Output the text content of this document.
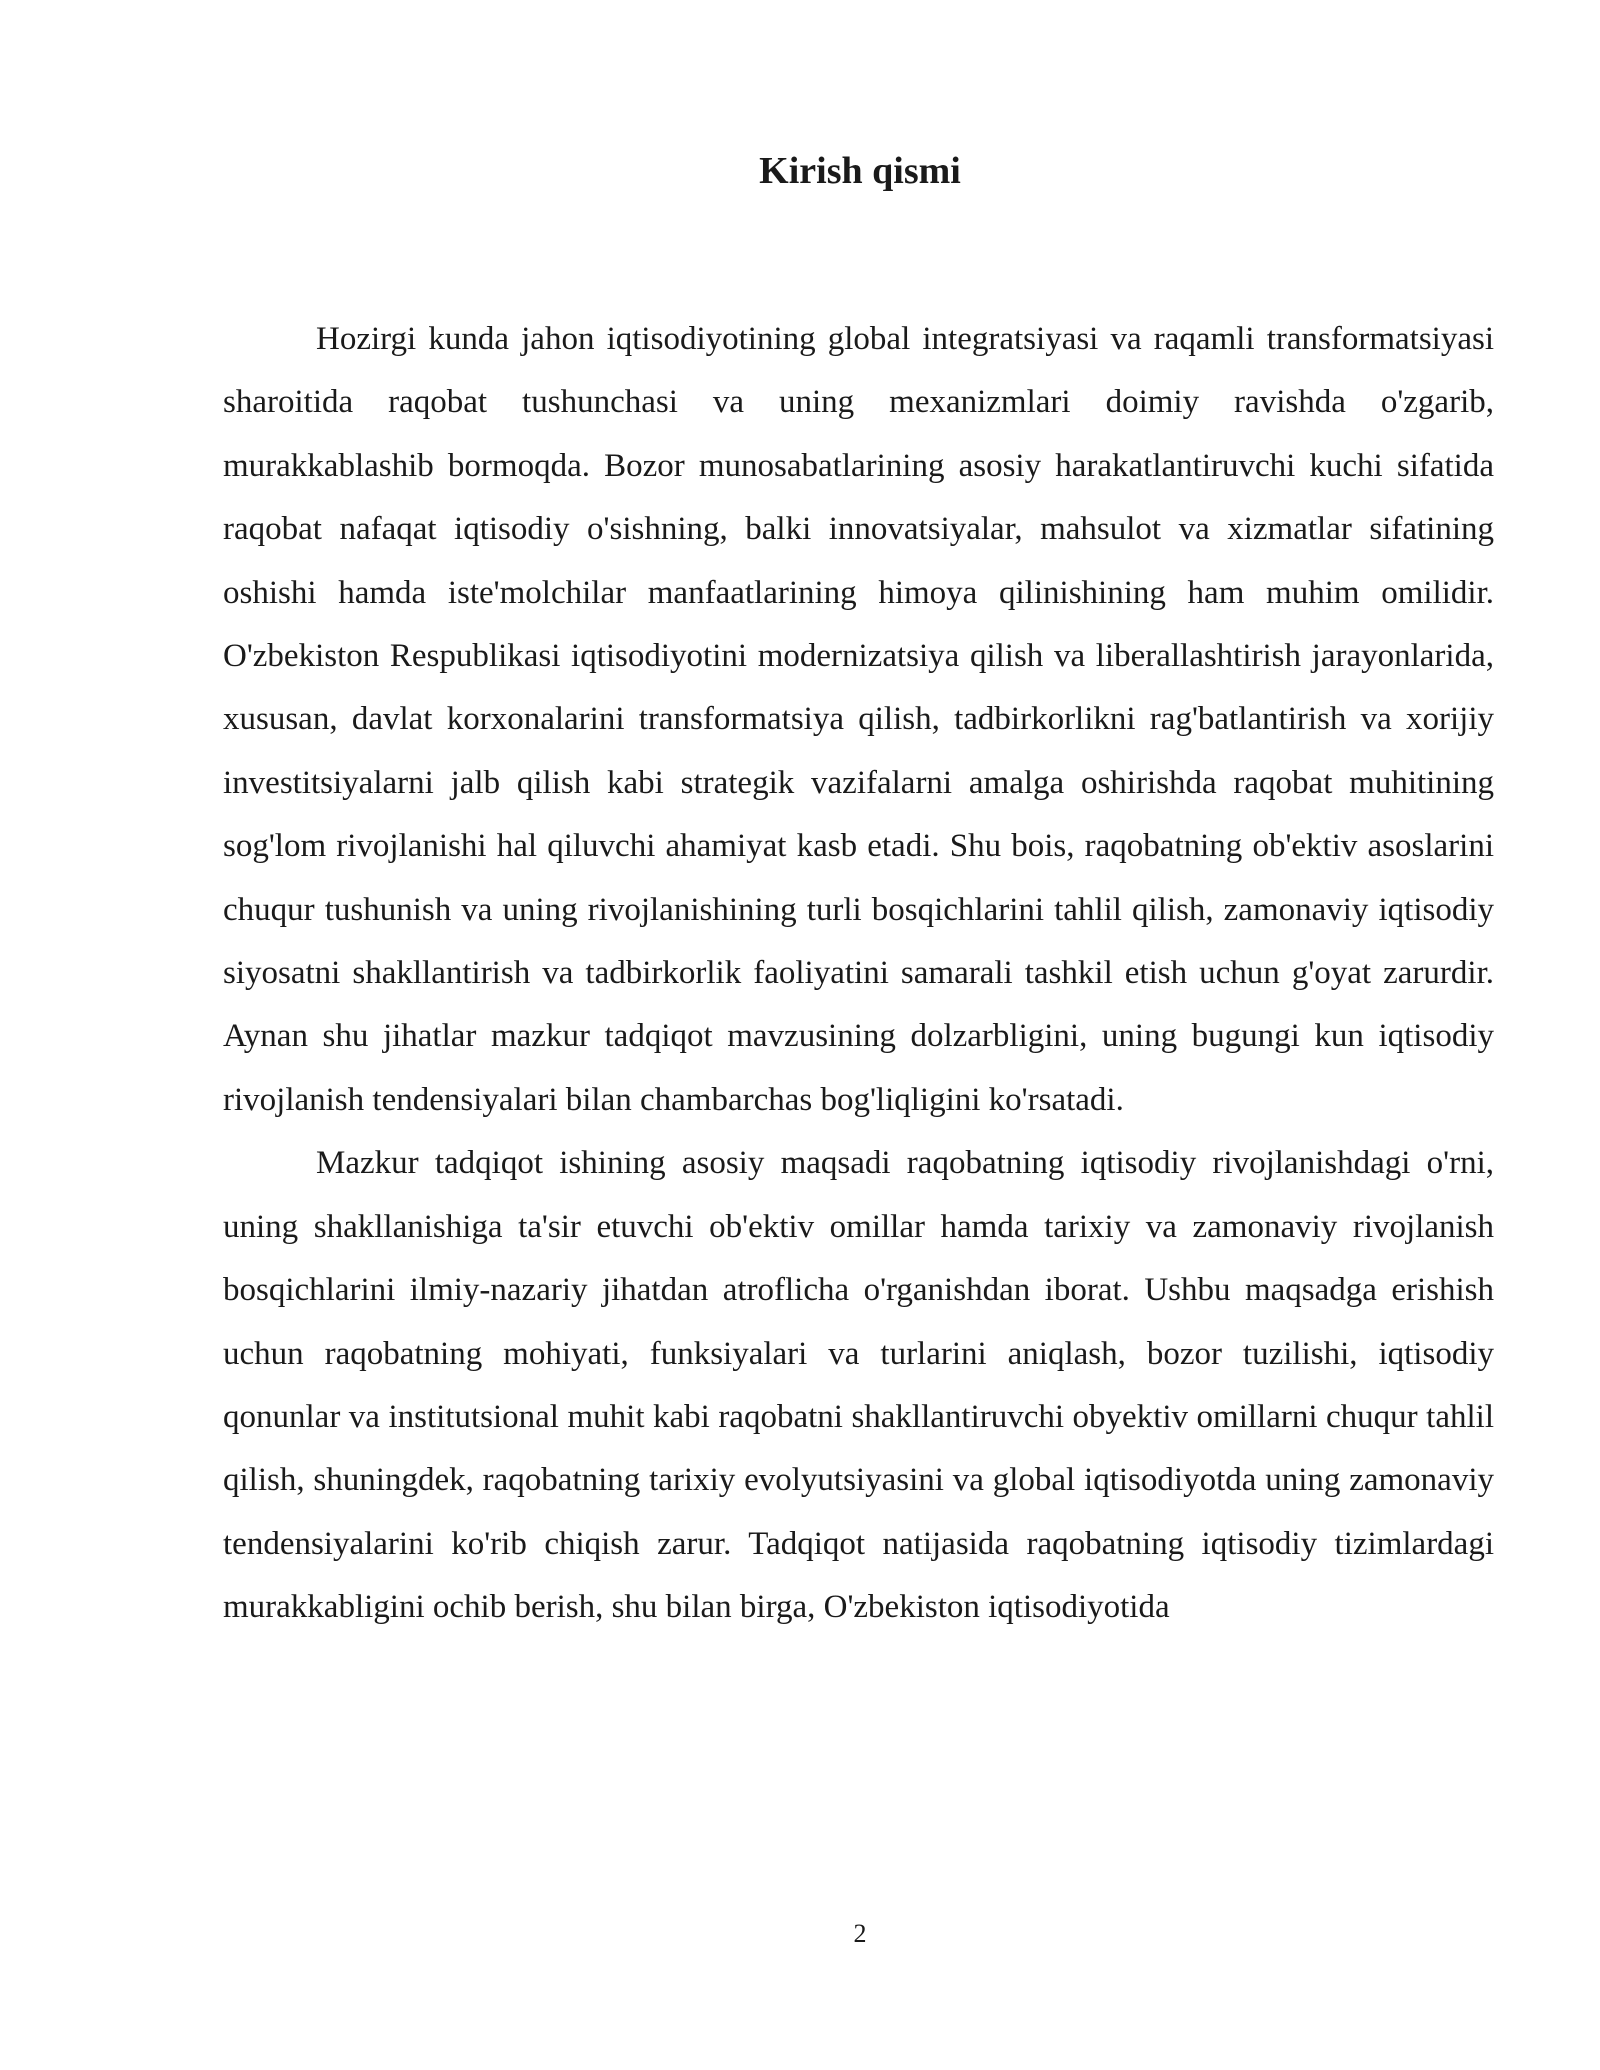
Kirish qismi

Hozirgi kunda jahon iqtisodiyotining global integratsiyasi va raqamli transformatsiyasi sharoitida raqobat tushunchasi va uning mexanizmlari doimiy ravishda o'zgarib, murakkablashib bormoqda. Bozor munosabatlarining asosiy harakatlantiruvchi kuchi sifatida raqobat nafaqat iqtisodiy o'sishning, balki innovatsiyalar, mahsulot va xizmatlar sifatining oshishi hamda iste'molchilar manfaatlarining himoya qilinishining ham muhim omilidir. O'zbekiston Respublikasi iqtisodiyotini modernizatsiya qilish va liberallashtirish jarayonlarida, xususan, davlat korxonalarini transformatsiya qilish, tadbirkorlikni rag'batlantirish va xorijiy investitsiyalarni jalb qilish kabi strategik vazifalarni amalga oshirishda raqobat muhitining sog'lom rivojlanishi hal qiluvchi ahamiyat kasb etadi. Shu bois, raqobatning ob'ektiv asoslarini chuqur tushunish va uning rivojlanishining turli bosqichlarini tahlil qilish, zamonaviy iqtisodiy siyosatni shakllantirish va tadbirkorlik faoliyatini samarali tashkil etish uchun g'oyat zarurdir. Aynan shu jihatlar mazkur tadqiqot mavzusining dolzarbligini, uning bugungi kun iqtisodiy rivojlanish tendensiyalari bilan chambarchas bog'liqligini ko'rsatadi.

Mazkur tadqiqot ishining asosiy maqsadi raqobatning iqtisodiy rivojlanishdagi o'rni, uning shakllanishiga ta'sir etuvchi ob'ektiv omillar hamda tarixiy va zamonaviy rivojlanish bosqichlarini ilmiy-nazariy jihatdan atroflicha o'rganishdan iborat. Ushbu maqsadga erishish uchun raqobatning mohiyati, funksiyalari va turlarini aniqlash, bozor tuzilishi, iqtisodiy qonunlar va institutsional muhit kabi raqobatni shakllantiruvchi obyektiv omillarni chuqur tahlil qilish, shuningdek, raqobatning tarixiy evolyutsiyasini va global iqtisodiyotda uning zamonaviy tendensiyalarini ko'rib chiqish zarur. Tadqiqot natijasida raqobatning iqtisodiy tizimlardagi murakkabligini ochib berish, shu bilan birga, O'zbekiston iqtisodiyotida

2
